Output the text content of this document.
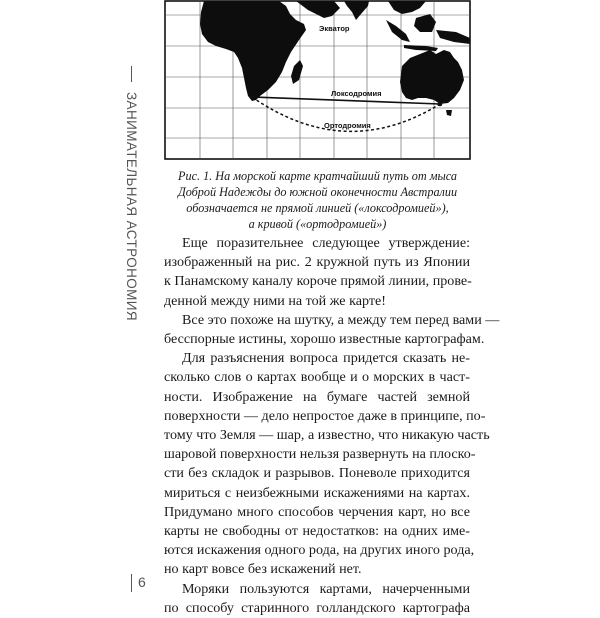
ЗАНИМАТЕЛЬНАЯ АСТРОНОМИЯ
Экватор
Локсодромия
Ортодромия
Рис. 1. На морской карте кратчайший путь от мыса
Доброй Надежды до южной оконечности Австралии
обозначается не прямой линией («локсодромией»),
а кривой («ортодромией»)
Еще поразительнее следующее утверждение:
изображенный на рис. 2 кружной путь из Японии
к Панамскому каналу короче прямой линии, прове-
денной между ними на той же карте!
Все это похоже на шутку, а между тем перед вами —
бесспорные истины, хорошо известные картографам.
Для разъяснения вопроса придется сказать не-
сколько слов о картах вообще и о морских в част-
ности. Изображение на бумаге частей земной
поверхности — дело непростое даже в принципе, по-
тому что Земля — шар, а известно, что никакую часть
шаровой поверхности нельзя развернуть на плоско-
сти без складок и разрывов. Поневоле приходится
мириться с неизбежными искажениями на картах.
Придумано много способов черчения карт, но все
карты не свободны от недостатков: на одних име-
ются искажения одного рода, на других иного рода,
но карт вовсе без искажений нет.
Моряки пользуются картами, начерченными
по способу старинного голландского картографа
6
